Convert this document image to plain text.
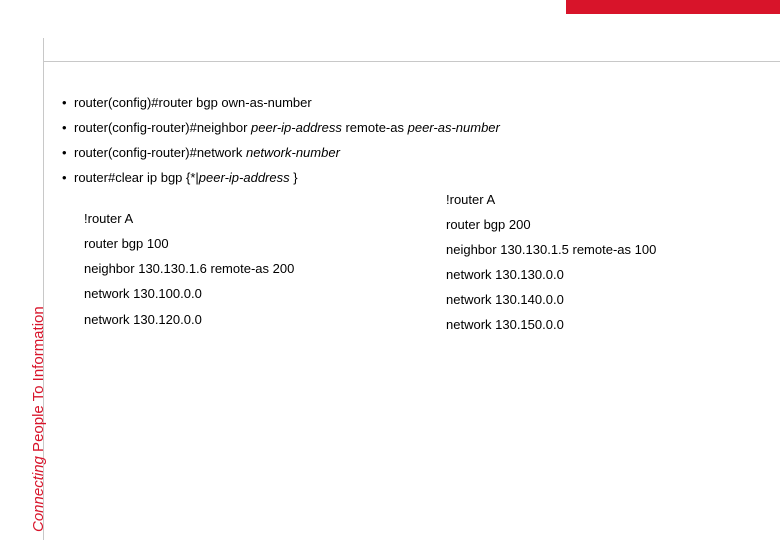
Connecting People To Information
• router(config)#router bgp own-as-number
• router(config-router)#neighbor peer-ip-address remote-as peer-as-number
• router(config-router)#network network-number
• router#clear ip bgp {*|peer-ip-address }
!router A
router bgp 100
neighbor 130.130.1.6 remote-as 200
network 130.100.0.0
network 130.120.0.0
!router A
router bgp 200
neighbor 130.130.1.5 remote-as 100
network 130.130.0.0
network 130.140.0.0
network 130.150.0.0
